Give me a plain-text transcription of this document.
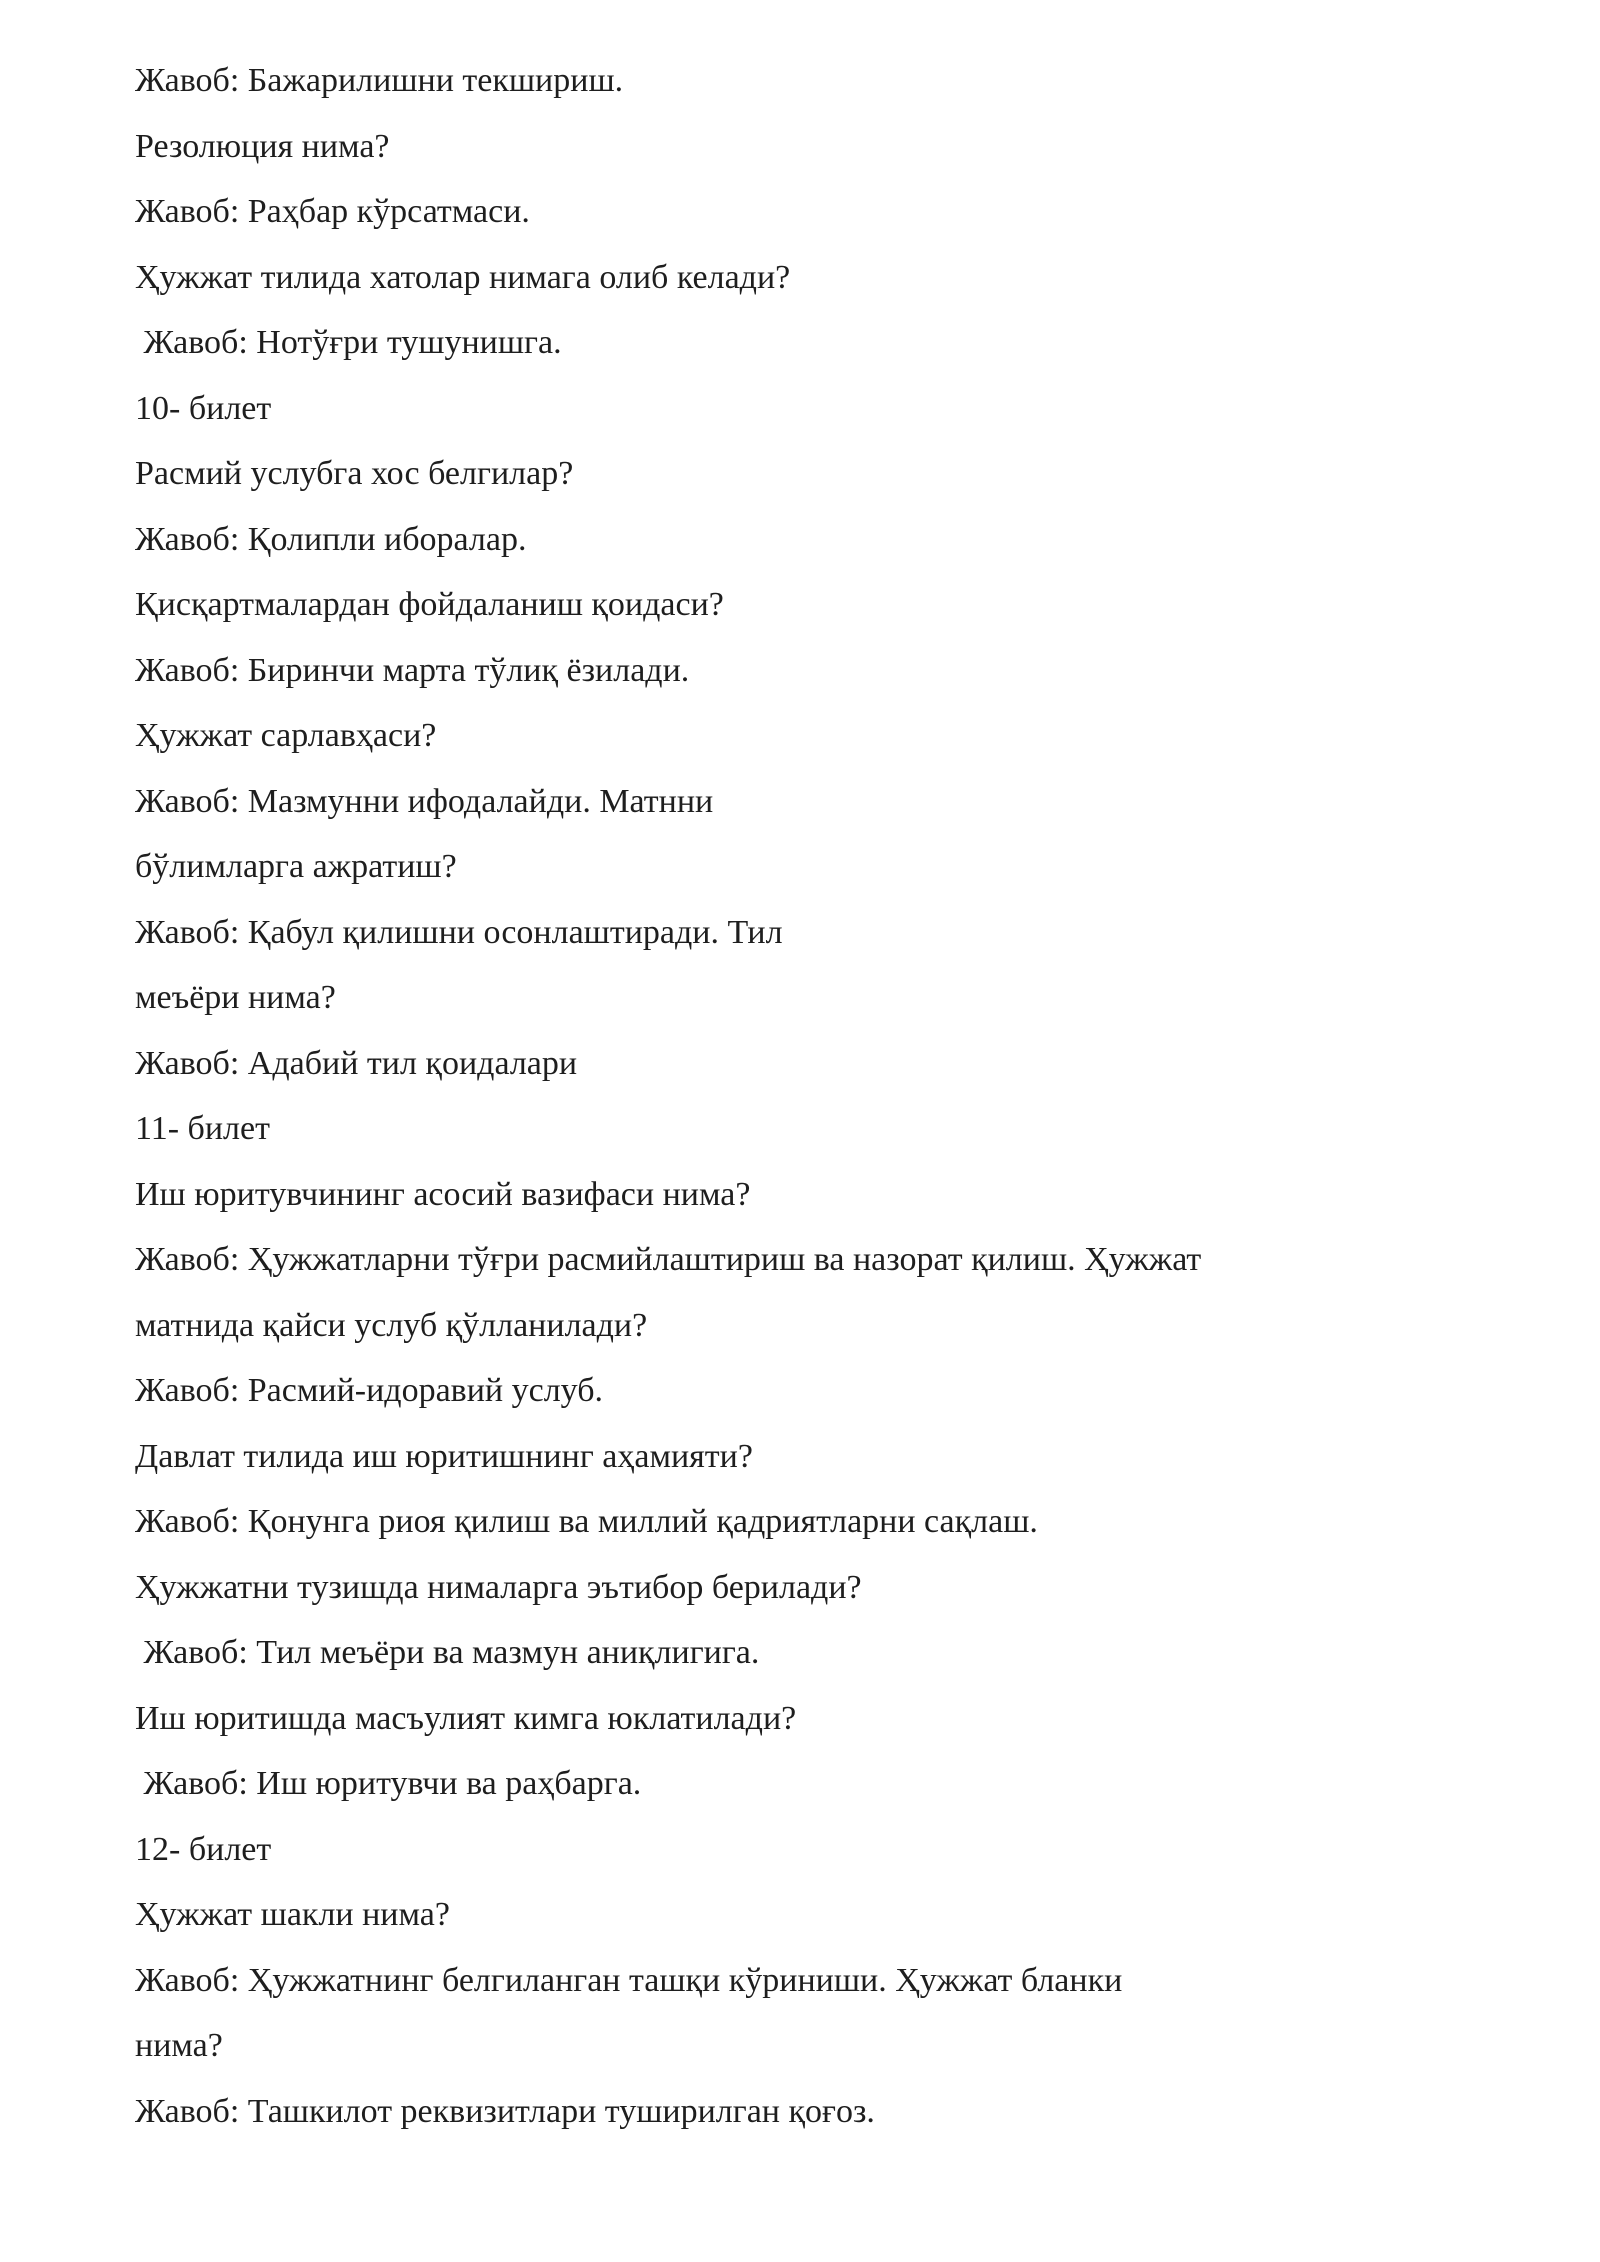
Жавоб: Бажарилишни текшириш.
Резолюция нима?
Жавоб: Раҳбар кўрсатмаси.
Ҳужжат тилида хатолар нимага олиб келади?
Жавоб: Нотўғри тушунишга.
10- билет
Расмий услубга хос белгилар?
Жавоб: Қолипли иборалар.
Қисқартмалардан фойдаланиш қоидаси?
Жавоб: Биринчи марта тўлиқ ёзилади.
Ҳужжат сарлавҳаси?
Жавоб: Мазмунни ифодалайди. Матнни
бўлимларга ажратиш?
Жавоб: Қабул қилишни осонлаштиради. Тил
меъёри нима?
Жавоб: Адабий тил қоидалари
11- билет
Иш юритувчининг асосий вазифаси нима?
Жавоб: Ҳужжатларни тўғри расмийлаштириш ва назорат қилиш. Ҳужжат
матнида қайси услуб қўлланилади?
Жавоб: Расмий-идоравий услуб.
Давлат тилида иш юритишнинг аҳамияти?
Жавоб: Қонунга риоя қилиш ва миллий қадриятларни сақлаш.
Ҳужжатни тузишда нималарга эътибор берилади?
Жавоб: Тил меъёри ва мазмун аниқлигига.
Иш юритишда масъулият кимга юклатилади?
Жавоб: Иш юритувчи ва раҳбарга.
12- билет
Ҳужжат шакли нима?
Жавоб: Ҳужжатнинг белгиланган ташқи кўриниши. Ҳужжат бланки
нима?
Жавоб: Ташкилот реквизитлари туширилган қоғоз.
